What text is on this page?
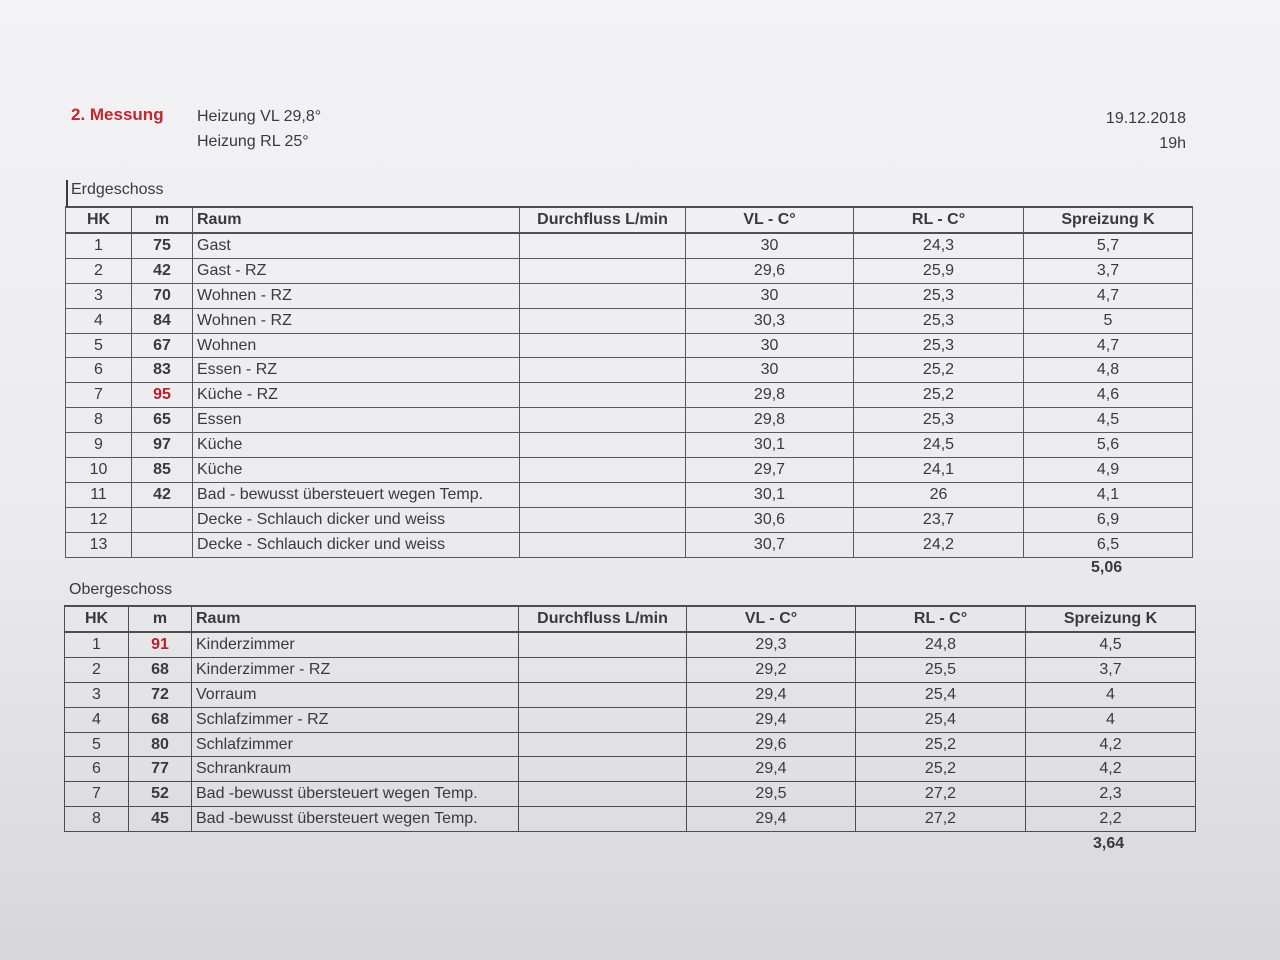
2. Messung Heizung VL 29,8°
Heizung RL 25°
19.12.2018
19h
Erdgeschoss
HK	m	Raum	Durchfluss L/min	VL - C°	RL - C°	Spreizung K
1	75	Gast		30	24,3	5,7
2	42	Gast - RZ		29,6	25,9	3,7
3	70	Wohnen - RZ		30	25,3	4,7
4	84	Wohnen - RZ		30,3	25,3	5
5	67	Wohnen		30	25,3	4,7
6	83	Essen - RZ		30	25,2	4,8
7	95	Küche - RZ		29,8	25,2	4,6
8	65	Essen		29,8	25,3	4,5
9	97	Küche		30,1	24,5	5,6
10	85	Küche		29,7	24,1	4,9
11	42	Bad - bewusst übersteuert wegen Temp.		30,1	26	4,1
12		Decke - Schlauch dicker und weiss		30,6	23,7	6,9
13		Decke - Schlauch dicker und weiss		30,7	24,2	6,5
5,06
Obergeschoss
HK	m	Raum	Durchfluss L/min	VL - C°	RL - C°	Spreizung K
1	91	Kinderzimmer		29,3	24,8	4,5
2	68	Kinderzimmer - RZ		29,2	25,5	3,7
3	72	Vorraum		29,4	25,4	4
4	68	Schlafzimmer - RZ		29,4	25,4	4
5	80	Schlafzimmer		29,6	25,2	4,2
6	77	Schrankraum		29,4	25,2	4,2
7	52	Bad -bewusst übersteuert wegen Temp.		29,5	27,2	2,3
8	45	Bad -bewusst übersteuert wegen Temp.		29,4	27,2	2,2
3,64
